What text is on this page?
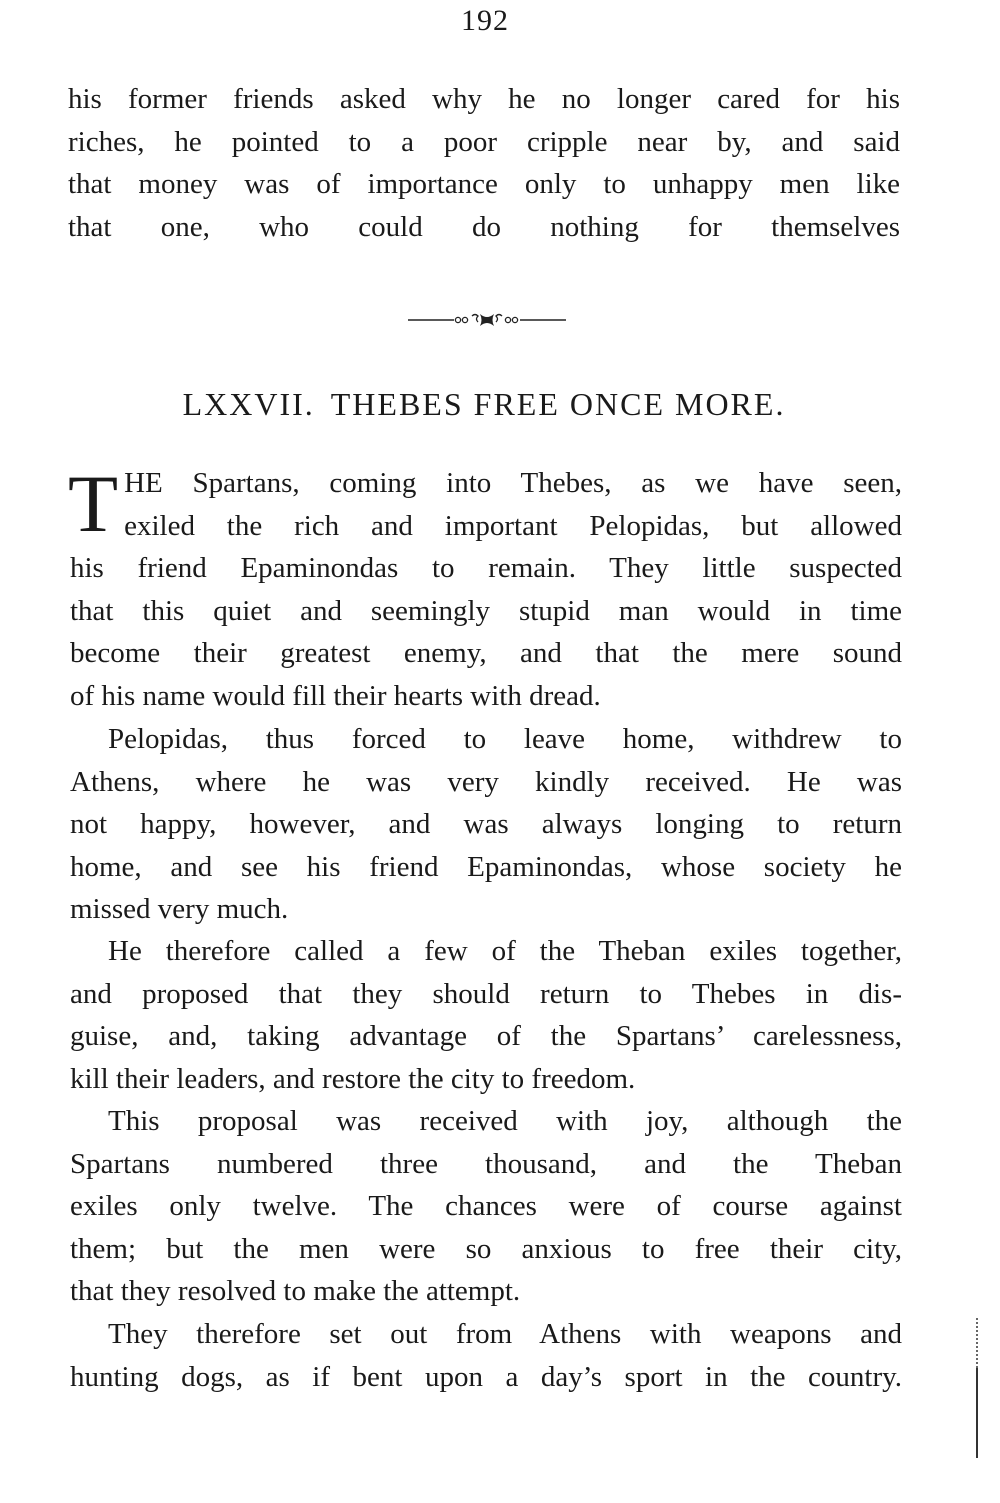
192
his former friends asked why he no longer cared for his
riches, he pointed to a poor cripple near by, and said
that money was of importance only to unhappy men like
that one, who could do nothing for themselves
LXXVII. THEBES FREE ONCE MORE.
T HE Spartans, coming into Thebes, as we have seen,
exiled the rich and important Pelopidas, but allowed
his friend Epaminondas to remain. They little suspected
that this quiet and seemingly stupid man would in time
become their greatest enemy, and that the mere sound
of his name would fill their hearts with dread.
Pelopidas, thus forced to leave home, withdrew to
Athens, where he was very kindly received. He was
not happy, however, and was always longing to return
home, and see his friend Epaminondas, whose society he
missed very much.
He therefore called a few of the Theban exiles together,
and proposed that they should return to Thebes in dis-
guise, and, taking advantage of the Spartans’ carelessness,
kill their leaders, and restore the city to freedom.
This proposal was received with joy, although the
Spartans numbered three thousand, and the Theban
exiles only twelve. The chances were of course against
them; but the men were so anxious to free their city,
that they resolved to make the attempt.
They therefore set out from Athens with weapons and
hunting dogs, as if bent upon a day’s sport in the country.
